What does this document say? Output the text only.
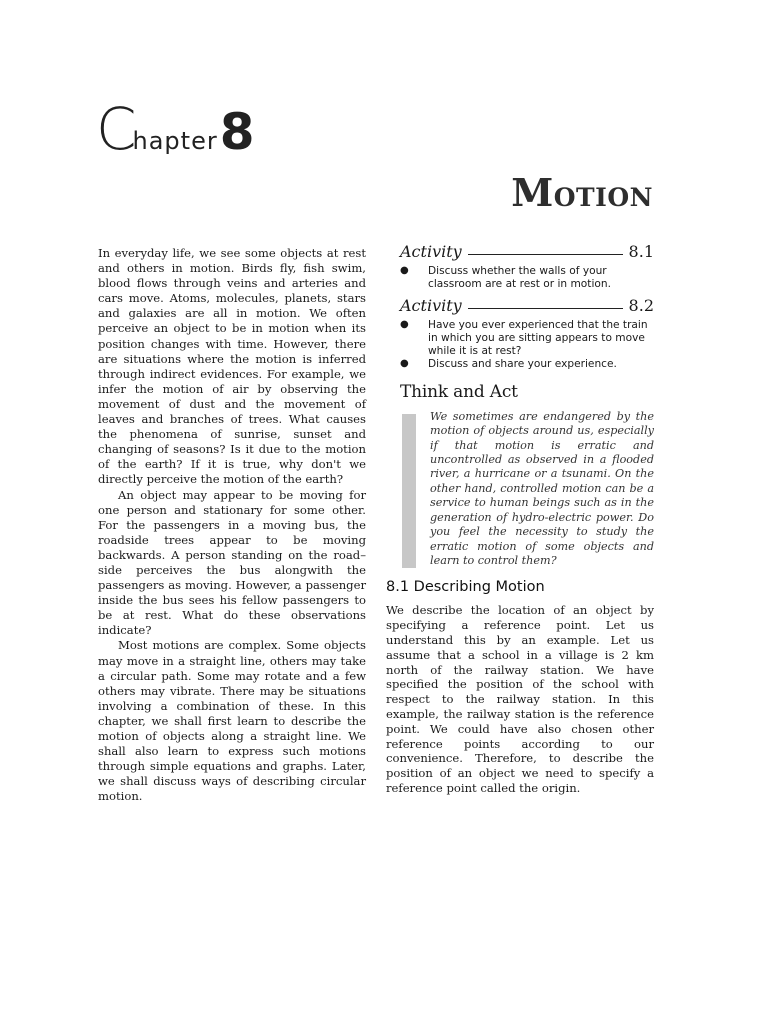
Chapter8
MOTION

In everyday life, we see some objects at rest and others in motion. Birds fly, fish swim, blood flows through veins and arteries and cars move. Atoms, molecules, planets, stars and galaxies are all in motion. We often perceive an object to be in motion when its position changes with time. However, there are situations where the motion is inferred through indirect evidences. For example, we infer the motion of air by observing the movement of dust and the movement of leaves and branches of trees. What causes the phenomena of sunrise, sunset and changing of seasons? Is it due to the motion of the earth? If it is true, why don't we directly perceive the motion of the earth?

An object may appear to be moving for one person and stationary for some other. For the passengers in a moving bus, the roadside trees appear to be moving backwards. A person standing on the road–side perceives the bus alongwith the passengers as moving. However, a passenger inside the bus sees his fellow passengers to be at rest. What do these observations indicate?

Most motions are complex. Some objects may move in a straight line, others may take a circular path. Some may rotate and a few others may vibrate. There may be situations involving a combination of these. In this chapter, we shall first learn to describe the motion of objects along a straight line. We shall also learn to express such motions through simple equations and graphs. Later, we shall discuss ways of describing circular motion.

Activity	8.1
● Discuss whether the walls of your classroom are at rest or in motion.
Activity	8.2
● Have you ever experienced that the train in which you are sitting appears to move while it is at rest?
● Discuss and share your experience.
Think and Act

We sometimes are endangered by the motion of objects around us, especially if that motion is erratic and uncontrolled as observed in a flooded river, a hurricane or a tsunami. On the other hand, controlled motion can be a service to human beings such as in the generation of hydro-electric power. Do you feel the necessity to study the erratic motion of some objects and learn to control them?

8.1 Describing Motion

We describe the location of an object by specifying a reference point. Let us understand this by an example. Let us assume that a school in a village is 2 km north of the railway station. We have specified the position of the school with respect to the railway station. In this example, the railway station is the reference point. We could have also chosen other reference points according to our convenience. Therefore, to describe the position of an object we need to specify a reference point called the origin.
